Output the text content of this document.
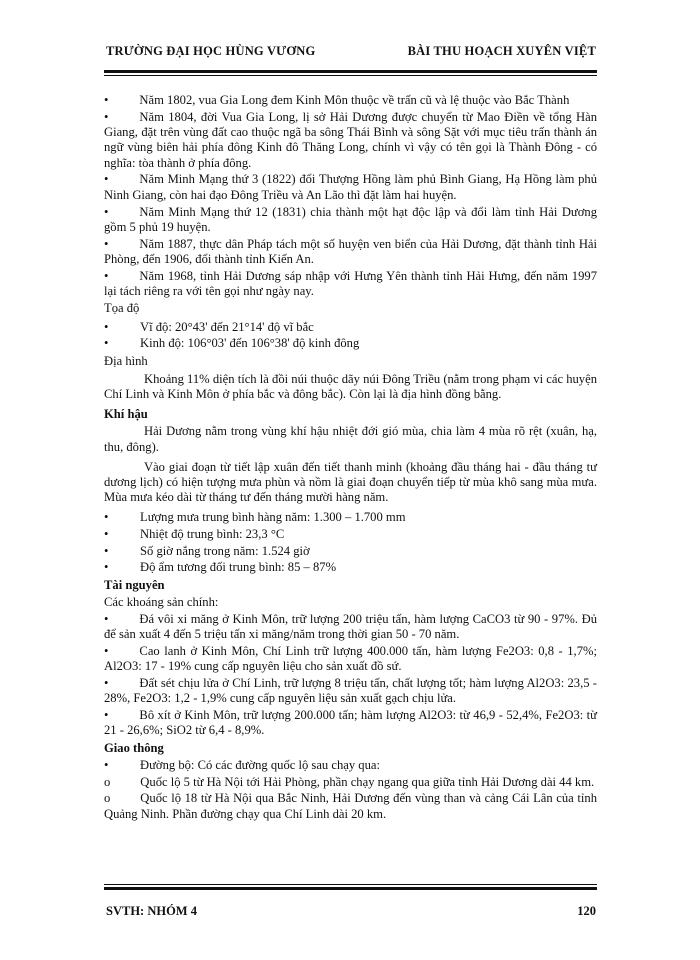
TRƯỜNG ĐẠI HỌC HÙNG VƯƠNG	BÀI THU HOẠCH XUYÊN VIỆT
• Năm 1802, vua Gia Long đem Kinh Môn thuộc về trấn cũ và lệ thuộc vào Bắc Thành
• Năm 1804, đời Vua Gia Long, lị sở Hải Dương được chuyển từ Mao Điền về tổng Hàn Giang, đặt trên vùng đất cao thuộc ngã ba sông Thái Bình và sông Sặt với mục tiêu trấn thành án ngữ vùng biên hải phía đông Kinh đô Thăng Long, chính vì vậy có tên gọi là Thành Đông - có nghĩa: tòa thành ở phía đông.
• Năm Minh Mạng thứ 3 (1822) đổi Thượng Hồng làm phủ Bình Giang, Hạ Hồng làm phủ Ninh Giang, còn hai đạo Đông Triều và An Lão thì đặt làm hai huyện.
• Năm Minh Mạng thứ 12 (1831) chia thành một hạt độc lập và đổi làm tỉnh Hải Dương gồm 5 phủ 19 huyện.
• Năm 1887, thực dân Pháp tách một số huyện ven biển của Hải Dương, đặt thành tỉnh Hải Phòng, đến 1906, đổi thành tỉnh Kiến An.
• Năm 1968, tỉnh Hải Dương sáp nhập với Hưng Yên thành tỉnh Hải Hưng, đến năm 1997 lại tách riêng ra với tên gọi như ngày nay.
Tọa độ
•	Vĩ độ: 20°43' đến 21°14' độ vĩ bắc
•	Kinh độ: 106°03' đến 106°38' độ kinh đông
Địa hình
Khoảng 11% diện tích là đồi núi thuộc dãy núi Đông Triều (nằm trong phạm vi các huyện Chí Linh và Kinh Môn ở phía bắc và đông bắc). Còn lại là địa hình đồng bằng.
Khí hậu
Hải Dương nằm trong vùng khí hậu nhiệt đới gió mùa, chia làm 4 mùa rõ rệt (xuân, hạ, thu, đông).
Vào giai đoạn từ tiết lập xuân đến tiết thanh minh (khoảng đầu tháng hai - đầu tháng tư dương lịch) có hiện tượng mưa phùn và nồm là giai đoạn chuyển tiếp từ mùa khô sang mùa mưa. Mùa mưa kéo dài từ tháng tư đến tháng mười hàng năm.
•	Lượng mưa trung bình hàng năm: 1.300 – 1.700 mm
•	Nhiệt độ trung bình: 23,3 °C
•	Số giờ nắng trong năm: 1.524 giờ
•	Độ ẩm tương đối trung bình: 85 – 87%
Tài nguyên
Các khoáng sản chính:
• Đá vôi xi măng ở Kinh Môn, trữ lượng 200 triệu tấn, hàm lượng CaCO3 từ 90 - 97%. Đủ để sản xuất 4 đến 5 triệu tấn xi măng/năm trong thời gian 50 - 70 năm.
• Cao lanh ở Kinh Môn, Chí Linh trữ lượng 400.000 tấn, hàm lượng Fe2O3: 0,8 - 1,7%; Al2O3: 17 - 19% cung cấp nguyên liệu cho sản xuất đồ sứ.
• Đất sét chịu lửa ở Chí Linh, trữ lượng 8 triệu tấn, chất lượng tốt; hàm lượng Al2O3: 23,5 - 28%, Fe2O3: 1,2 - 1,9% cung cấp nguyên liệu sản xuất gạch chịu lửa.
• Bô xít ở Kinh Môn, trữ lượng 200.000 tấn; hàm lượng Al2O3: từ 46,9 - 52,4%, Fe2O3: từ 21 - 26,6%; SiO2 từ 6,4 - 8,9%.
Giao thông
•	Đường bộ: Có các đường quốc lộ sau chạy qua:
o Quốc lộ 5 từ Hà Nội tới Hải Phòng, phần chạy ngang qua giữa tỉnh Hải Dương dài 44 km.
o Quốc lộ 18 từ Hà Nội qua Bắc Ninh, Hải Dương đến vùng than và cảng Cái Lân của tỉnh Quảng Ninh. Phần đường chạy qua Chí Linh dài 20 km.
SVTH: NHÓM 4	120
